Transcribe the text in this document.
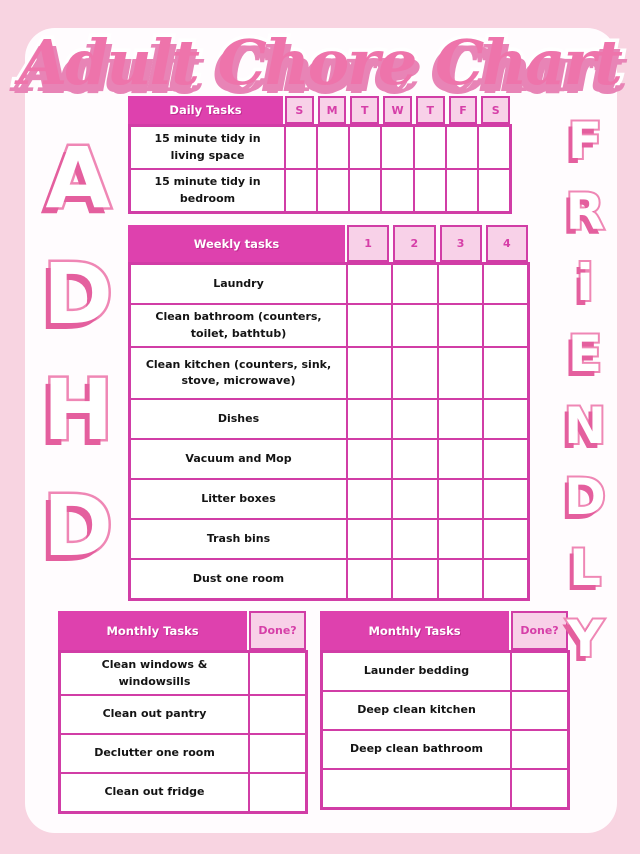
Adult Chore Chart
A
D
H
D
F
R
i
E
N
D
L
Y
Daily Tasks	S	M	T	W	T	F	S
15 minute tidy in living space
15 minute tidy in bedroom
Weekly tasks	1	2	3	4
Laundry
Clean bathroom (counters, toilet, bathtub)
Clean kitchen (counters, sink, stove, microwave)
Dishes
Vacuum and Mop
Litter boxes
Trash bins
Dust one room
Monthly Tasks	Done?
Clean windows & windowsills
Clean out pantry
Declutter one room
Clean out fridge
Monthly Tasks	Done?
Launder bedding
Deep clean kitchen
Deep clean bathroom
